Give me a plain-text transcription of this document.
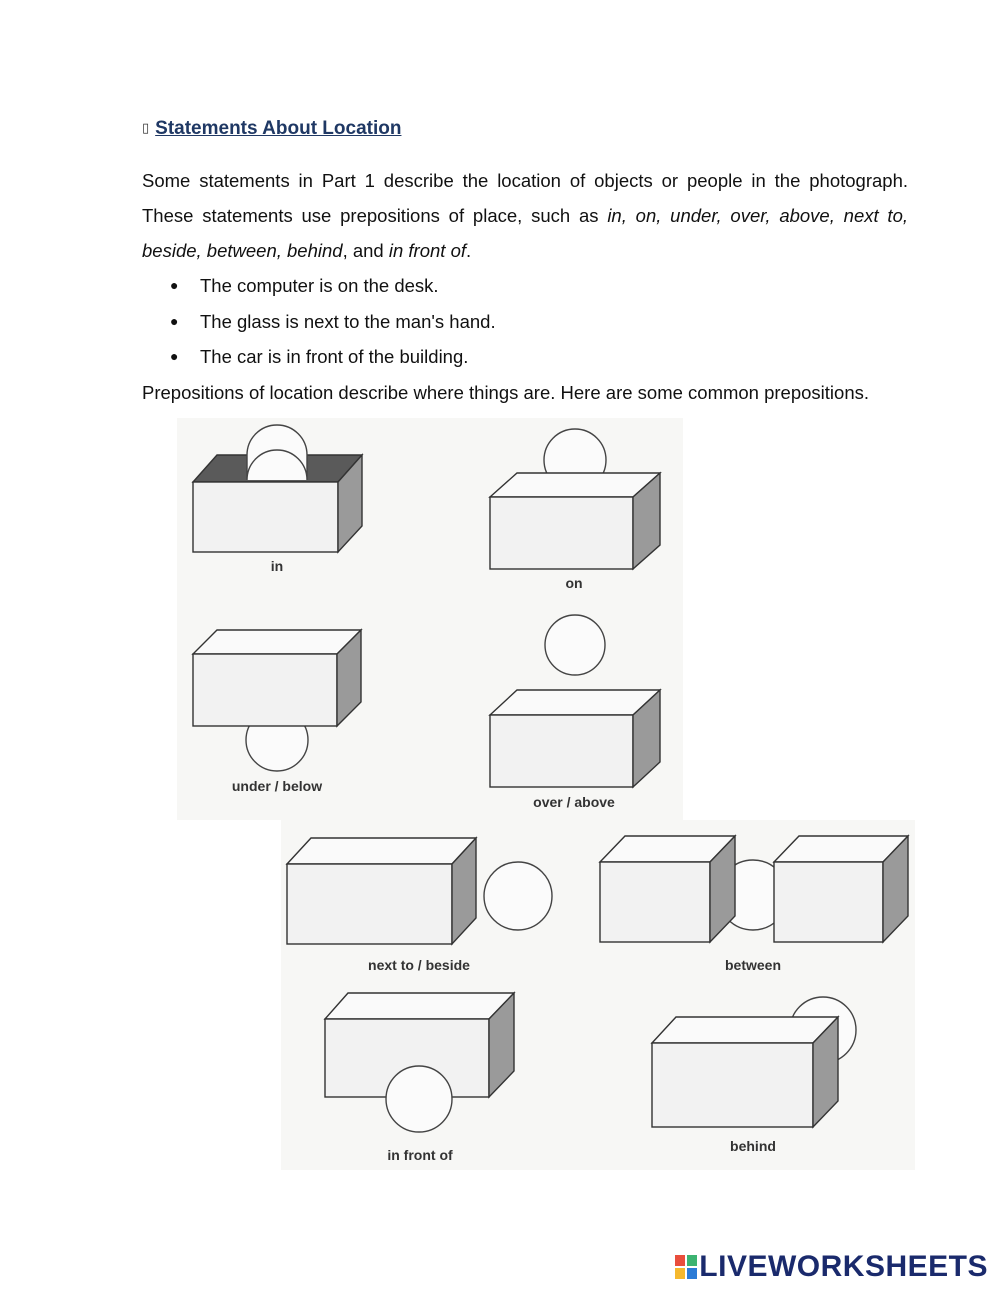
▯ Statements About Location
Some statements in Part 1 describe the location of objects or people in the photograph. These statements use prepositions of place, such as in, on, under, over, above, next to, beside, between, behind, and in front of.
● The computer is on the desk.
● The glass is next to the man's hand.
● The car is in front of the building.
Prepositions of location describe where things are. Here are some common prepositions.
in
on
under / below
over / above
next to / beside	between
in front of
behind
LIVEWORKSHEETS
